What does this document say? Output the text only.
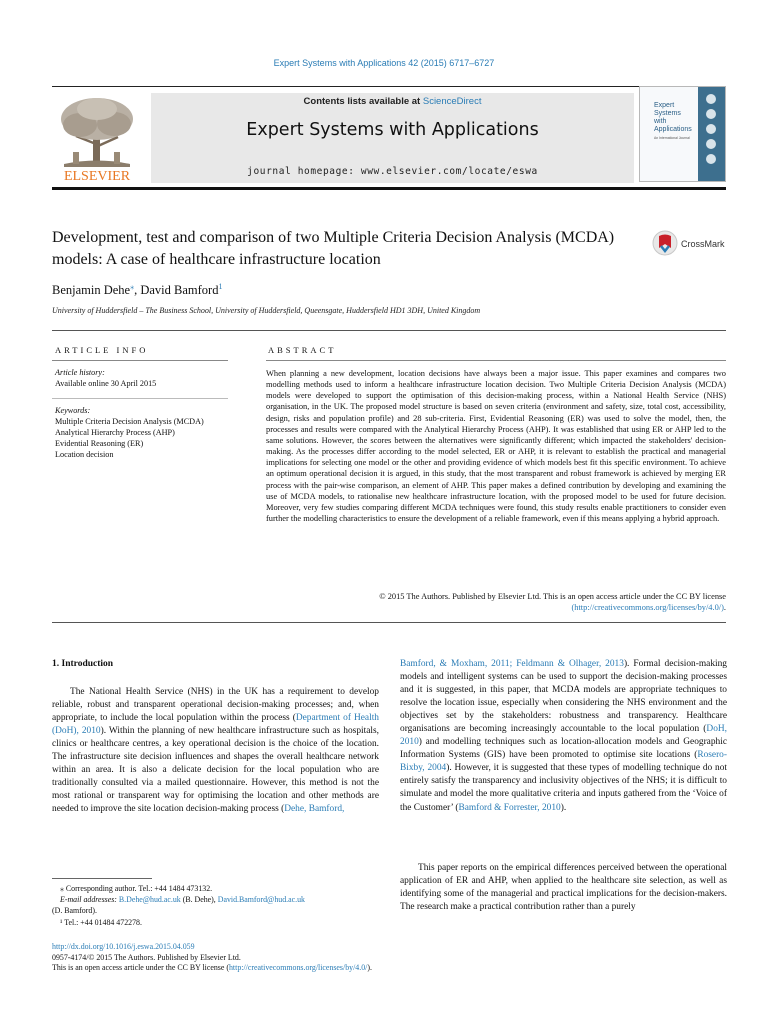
Expert Systems with Applications 42 (2015) 6717–6727
ELSEVIER
Contents lists available at ScienceDirect
Expert Systems with Applications
journal homepage: www.elsevier.com/locate/eswa
Expert
Systems
with
Applications
An International Journal
Development, test and comparison of two Multiple Criteria Decision Analysis (MCDA) models: A case of healthcare infrastructure location
CrossMark
Benjamin Dehe⁎, David Bamford$^1$
University of Huddersfield – The Business School, University of Huddersfield, Queensgate, Huddersfield HD1 3DH, United Kingdom
ARTICLE INFO
Article history:
Available online 30 April 2015
Keywords:
Multiple Criteria Decision Analysis (MCDA)
Analytical Hierarchy Process (AHP)
Evidential Reasoning (ER)
Location decision
ABSTRACT
When planning a new development, location decisions have always been a major issue. This paper examines and compares two modelling methods used to inform a healthcare infrastructure location decision. Two Multiple Criteria Decision Analysis (MCDA) models were developed to support the optimisation of this decision-making process, within a National Health Service (NHS) organisation, in the UK. The proposed model structure is based on seven criteria (environment and safety, size, total cost, accessibility, design, risks and population profile) and 28 sub-criteria. First, Evidential Reasoning (ER) was used to solve the model, then, the processes and results were compared with the Analytical Hierarchy Process (AHP). It was established that using ER or AHP led to the same solutions. However, the scores between the alternatives were significantly different; which impacted the stakeholders' decision-making. As the processes differ according to the model selected, ER or AHP, it is relevant to establish the practical and managerial implications for selecting one model or the other and providing evidence of which models best fit this specific environment. To achieve an optimum operational decision it is argued, in this study, that the most transparent and robust framework is achieved by merging ER process with the pair-wise comparison, an element of AHP. This paper makes a defined contribution by developing and examining the use of MCDA models, to rationalise new healthcare infrastructure location, with the proposed model to be used for future decision. Moreover, very few studies comparing different MCDA techniques were found, this study results enable practitioners to consider even further the modelling characteristics to ensure the development of a reliable framework, even if this means applying a hybrid approach.
© 2015 The Authors. Published by Elsevier Ltd. This is an open access article under the CC BY license
(http://creativecommons.org/licenses/by/4.0/).
1. Introduction
The National Health Service (NHS) in the UK has a requirement to develop reliable, robust and transparent operational decision-making processes; and, when appropriate, to include the local population within the process (Department of Health (DoH), 2010). Within the planning of new healthcare infrastructure such as hospitals, clinics or healthcare centres, a key operational decision is the choice of the location. The infrastructure site decision influences and shapes the overall healthcare network within an area. It is also a delicate decision for the local population who are traditionally consulted via a mailed questionnaire. However, this method is not the most rational or transparent way for optimising the location and other methods are needed to improve the site location decision-making process (Dehe, Bamford,
Bamford, & Moxham, 2011; Feldmann & Olhager, 2013). Formal decision-making models and intelligent systems can be used to support the decision-making processes and it is suggested, in this paper, that MCDA models are appropriate techniques to resolve the location issue, especially when considering the NHS environment and the objectives set by the stakeholders: robustness and transparency. Healthcare organisations are becoming increasingly accountable to the local population (DoH, 2010) and modelling techniques such as location-allocation models and Geographic Information Systems (GIS) have been promoted to optimise site locations (Rosero-Bixby, 2004). However, it is suggested that these types of modelling technique do not entirely satisfy the transparency and inclusivity objectives of the NHS; it is difficult to simulate and model the more qualitative criteria and inputs gathered from the ‘Voice of the Customer’ (Bamford & Forrester, 2010).
This paper reports on the empirical differences perceived between the operational application of ER and AHP, when applied to the healthcare site selection, as well as identifying some of the managerial and practical implications for the decision-makers. The research make a practical contribution rather than a purely
⁎ Corresponding author. Tel.: +44 1484 473132.
E-mail addresses: B.Dehe@hud.ac.uk (B. Dehe), David.Bamford@hud.ac.uk
(D. Bamford).
¹ Tel.: +44 01484 472278.
http://dx.doi.org/10.1016/j.eswa.2015.04.059
0957-4174/© 2015 The Authors. Published by Elsevier Ltd.
This is an open access article under the CC BY license (http://creativecommons.org/licenses/by/4.0/).
